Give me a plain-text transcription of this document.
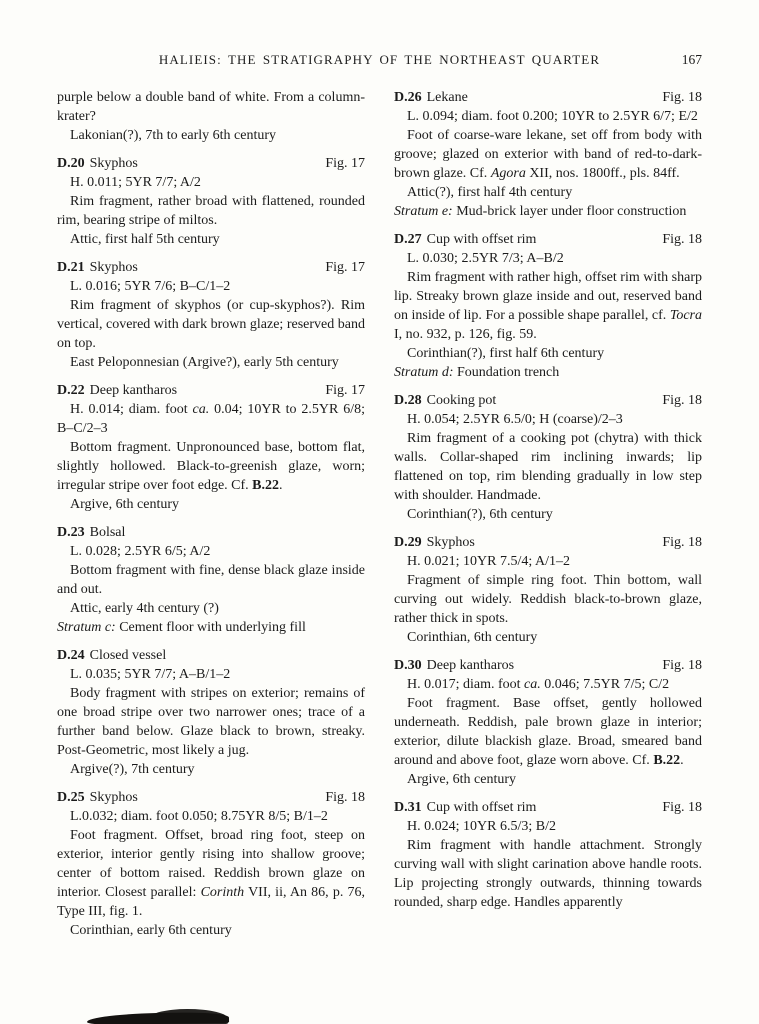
HALIEIS: THE STRATIGRAPHY OF THE NORTHEAST QUARTER	167

purple below a double band of white. From a column-krater?

Lakonian(?), 7th to early 6th century

D.20 Skyphos	Fig. 17

H. 0.011; 5YR 7/7; A/2

Rim fragment, rather broad with flattened, rounded rim, bearing stripe of miltos.

Attic, first half 5th century

D.21 Skyphos	Fig. 17

L. 0.016; 5YR 7/6; B–C/1–2

Rim fragment of skyphos (or cup-skyphos?). Rim vertical, covered with dark brown glaze; reserved band on top.

East Peloponnesian (Argive?), early 5th century

D.22 Deep kantharos	Fig. 17

H. 0.014; diam. foot ca. 0.04; 10YR to 2.5YR 6/8; B–C/2–3

Bottom fragment. Unpronounced base, bottom flat, slightly hollowed. Black-to-greenish glaze, worn; irregular stripe over foot edge. Cf. B.22.

Argive, 6th century

D.23 Bolsal

L. 0.028; 2.5YR 6/5; A/2

Bottom fragment with fine, dense black glaze inside and out.

Attic, early 4th century (?)

Stratum c: Cement floor with underlying fill
D.24 Closed vessel

L. 0.035; 5YR 7/7; A–B/1–2

Body fragment with stripes on exterior; remains of one broad stripe over two narrower ones; trace of a further band below. Glaze black to brown, streaky. Post-Geometric, most likely a jug.

Argive(?), 7th century

D.25 Skyphos	Fig. 18

L.0.032; diam. foot 0.050; 8.75YR 8/5; B/1–2

Foot fragment. Offset, broad ring foot, steep on exterior, interior gently rising into shallow groove; center of bottom raised. Reddish brown glaze on interior. Closest parallel: Corinth VII, ii, An 86, p. 76, Type III, fig. 1.

Corinthian, early 6th century

D.26 Lekane	Fig. 18

L. 0.094; diam. foot 0.200; 10YR to 2.5YR 6/7; E/2

Foot of coarse-ware lekane, set off from body with groove; glazed on exterior with band of red-to-dark-brown glaze. Cf. Agora XII, nos. 1800ff., pls. 84ff.

Attic(?), first half 4th century

Stratum e: Mud-brick layer under floor construction
D.27 Cup with offset rim	Fig. 18

L. 0.030; 2.5YR 7/3; A–B/2

Rim fragment with rather high, offset rim with sharp lip. Streaky brown glaze inside and out, reserved band on inside of lip. For a possible shape parallel, cf. Tocra I, no. 932, p. 126, fig. 59.

Corinthian(?), first half 6th century

Stratum d: Foundation trench
D.28 Cooking pot	Fig. 18

H. 0.054; 2.5YR 6.5/0; H (coarse)/2–3

Rim fragment of a cooking pot (chytra) with thick walls. Collar-shaped rim inclining inwards; lip flattened on top, rim blending gradually in low step with shoulder. Handmade.

Corinthian(?), 6th century

D.29 Skyphos	Fig. 18

H. 0.021; 10YR 7.5/4; A/1–2

Fragment of simple ring foot. Thin bottom, wall curving out widely. Reddish black-to-brown glaze, rather thick in spots.

Corinthian, 6th century

D.30 Deep kantharos	Fig. 18

H. 0.017; diam. foot ca. 0.046; 7.5YR 7/5; C/2

Foot fragment. Base offset, gently hollowed underneath. Reddish, pale brown glaze in interior; exterior, dilute blackish glaze. Broad, smeared band around and above foot, glaze worn above. Cf. B.22.

Argive, 6th century

D.31 Cup with offset rim	Fig. 18

H. 0.024; 10YR 6.5/3; B/2

Rim fragment with handle attachment. Strongly curving wall with slight carination above handle roots. Lip projecting strongly outwards, thinning towards rounded, sharp edge. Handles apparently
